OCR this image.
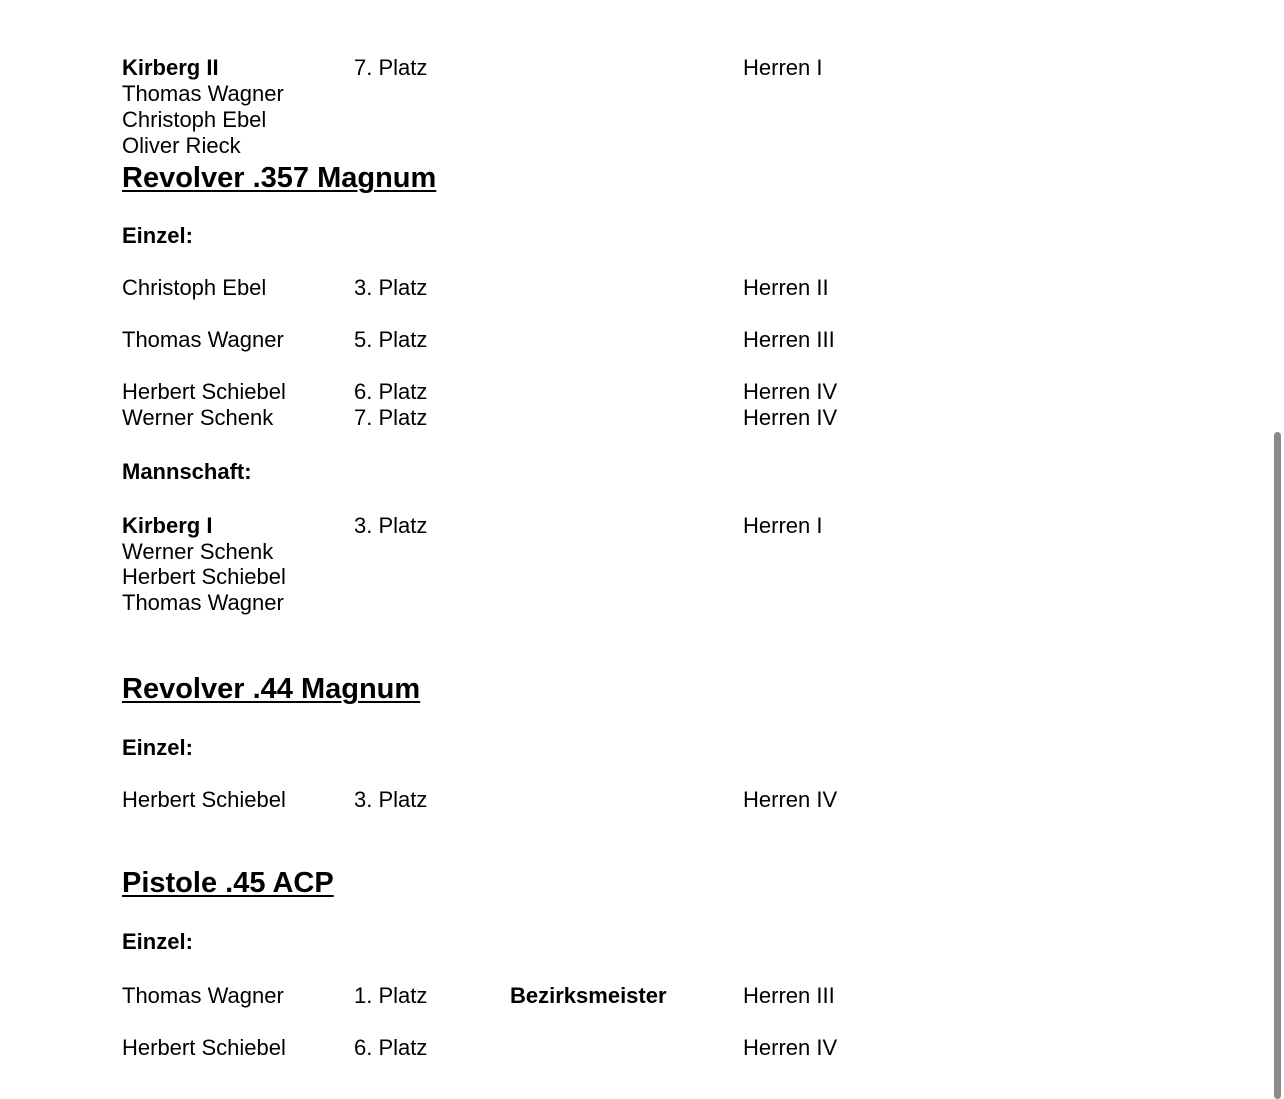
Kirberg II	7. Platz	Herren I

Thomas Wagner

Christoph Ebel

Oliver Rieck

Revolver .357 Magnum

Einzel:

Christoph Ebel	3. Platz	Herren II

Thomas Wagner	5. Platz	Herren III

Herbert Schiebel	6. Platz	Herren IV

Werner Schenk	7. Platz	Herren IV

Mannschaft:

Kirberg I	3. Platz	Herren I

Werner Schenk

Herbert Schiebel

Thomas Wagner

Revolver .44 Magnum

Einzel:

Herbert Schiebel	3. Platz	Herren IV

Pistole .45 ACP

Einzel:

Thomas Wagner	1. Platz	Bezirksmeister	Herren III

Herbert Schiebel	6. Platz	Herren IV
